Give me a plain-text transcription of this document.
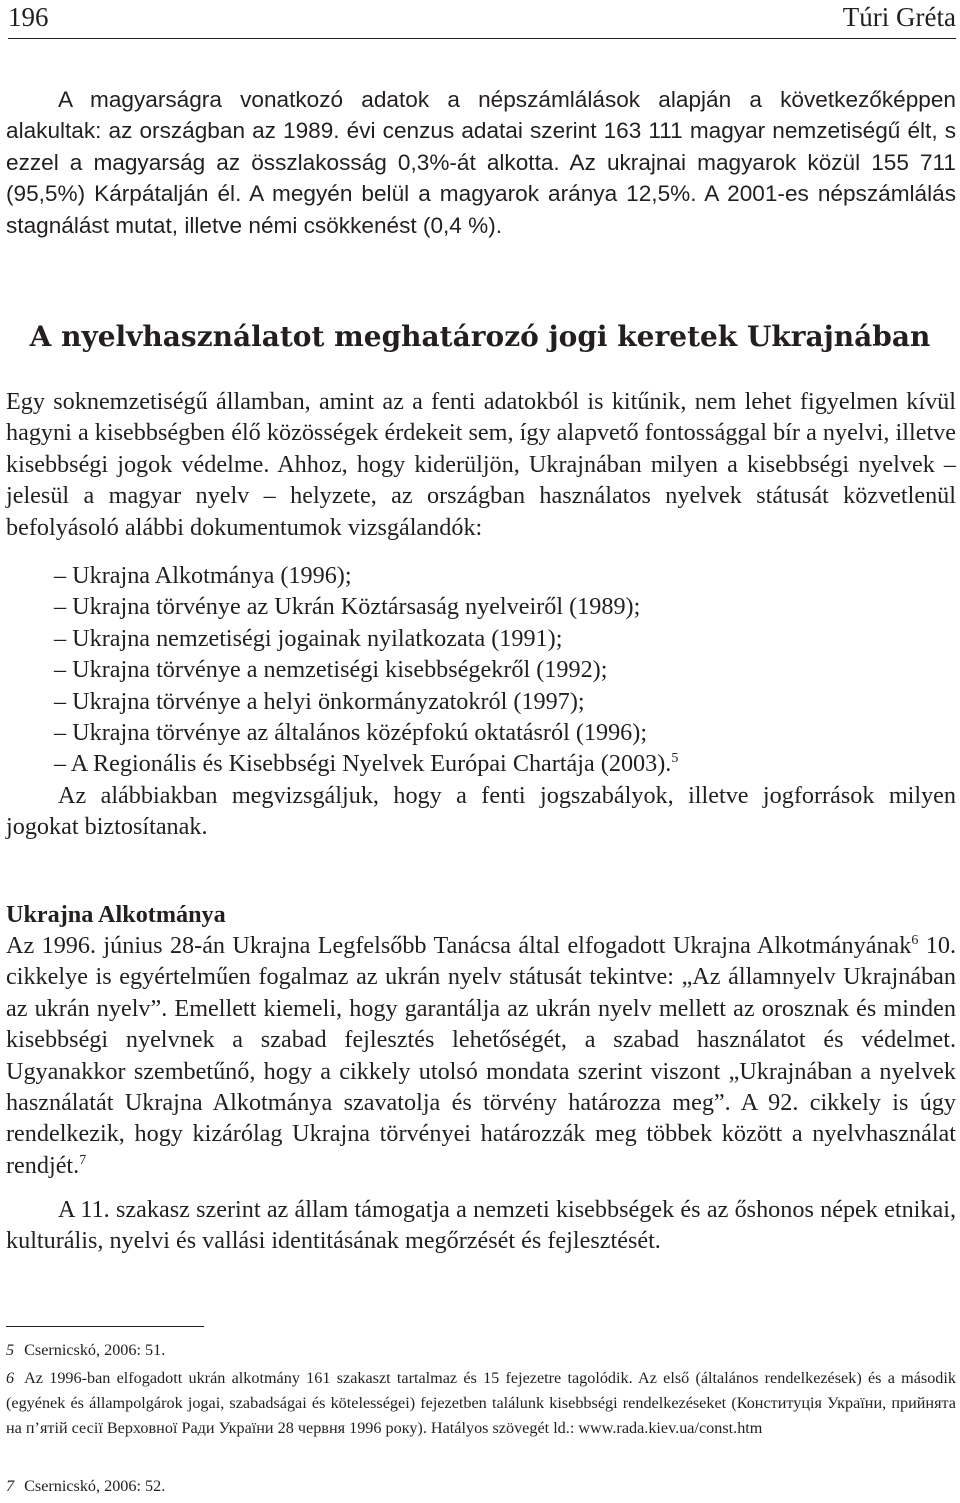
196	Túri Gréta

A magyarságra vonatkozó adatok a népszámlálások alapján a következőképpen alakultak: az országban az 1989. évi cenzus adatai szerint 163 111 magyar nemzetiségű élt, s ezzel a magyarság az összlakosság 0,3%-át alkotta. Az ukrajnai magyarok közül 155 711 (95,5%) Kárpátalján él. A megyén belül a magyarok aránya 12,5%. A 2001-es népszámlálás stagnálást mutat, illetve némi csökkenést (0,4 %).

A nyelvhasználatot meghatározó jogi keretek Ukrajnában

Egy soknemzetiségű államban, amint az a fenti adatokból is kitűnik, nem lehet figyelmen kívül hagyni a kisebbségben élő közösségek érdekeit sem, így alapvető fontossággal bír a nyelvi, illetve kisebbségi jogok védelme. Ahhoz, hogy kiderüljön, Ukrajnában milyen a kisebbségi nyelvek – jelesül a magyar nyelv – helyzete, az országban használatos nyelvek státusát közvetlenül befolyásoló alábbi dokumentumok vizsgálandók:

– Ukrajna Alkotmánya (1996);
– Ukrajna törvénye az Ukrán Köztársaság nyelveiről (1989);
– Ukrajna nemzetiségi jogainak nyilatkozata (1991);
– Ukrajna törvénye a nemzetiségi kisebbségekről (1992);
– Ukrajna törvénye a helyi önkormányzatokról (1997);
– Ukrajna törvénye az általános középfokú oktatásról (1996);
– A Regionális és Kisebbségi Nyelvek Európai Chartája (2003).$^5$

Az alábbiakban megvizsgáljuk, hogy a fenti jogszabályok, illetve jogforrások milyen jogokat biztosítanak.

Ukrajna Alkotmánya

Az 1996. június 28-án Ukrajna Legfelsőbb Tanácsa által elfogadott Ukrajna Alkotmányának$^6$ 10. cikkelye is egyértelműen fogalmaz az ukrán nyelv státusát tekintve: „Az államnyelv Ukrajnában az ukrán nyelv”. Emellett kiemeli, hogy garantálja az ukrán nyelv mellett az orosznak és minden kisebbségi nyelvnek a szabad fejlesztés lehetőségét, a szabad használatot és védelmet. Ugyanakkor szembetűnő, hogy a cikkely utolsó mondata szerint viszont „Ukrajnában a nyelvek használatát Ukrajna Alkotmánya szavatolja és törvény határozza meg”. A 92. cikkely is úgy rendelkezik, hogy kizárólag Ukrajna törvényei határozzák meg többek között a nyelvhasználat rendjét.$^7$

A 11. szakasz szerint az állam támogatja a nemzeti kisebbségek és az őshonos népek etnikai, kulturális, nyelvi és vallási identitásának megőrzését és fejlesztését.

5 Csernicskó, 2006: 51.

6 Az 1996-ban elfogadott ukrán alkotmány 161 szakaszt tartalmaz és 15 fejezetre tagolódik. Az első (általános rendelkezések) és a második (egyének és állampolgárok jogai, szabadságai és kötelességei) fejezetben találunk kisebbségi rendelkezéseket (Конституція України, прийнята на п’ятій сесії Верховної Ради України 28 червня 1996 року). Hatályos szövegét ld.: www.rada.kiev.ua/const.htm

7 Csernicskó, 2006: 52.
